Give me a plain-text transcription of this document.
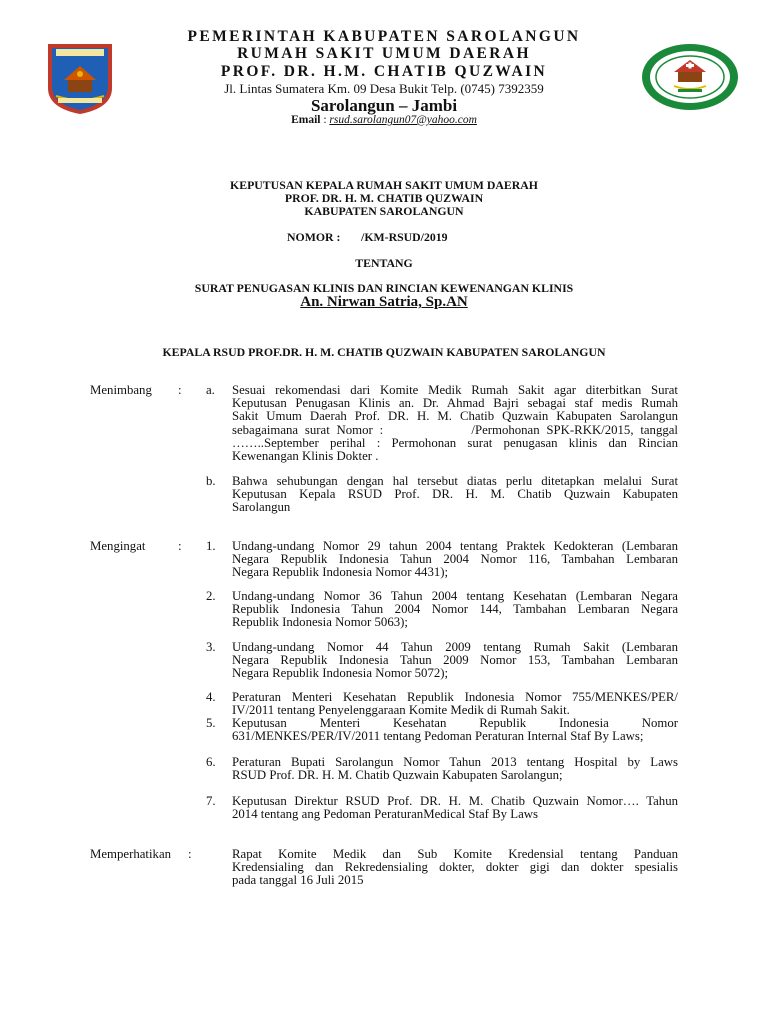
PEMERINTAH KABUPATEN SAROLANGUN
RUMAH SAKIT UMUM DAERAH
PROF. DR. H.M. CHATIB QUZWAIN
Jl. Lintas Sumatera Km. 09 Desa Bukit Telp. (0745) 7392359
Sarolangun – Jambi
Email : rsud.sarolangun07@yahoo.com
KEPUTUSAN KEPALA RUMAH SAKIT UMUM DAERAH
PROF. DR. H. M. CHATIB QUZWAIN
KABUPATEN SAROLANGUN
NOMOR :       /KM-RSUD/2019
TENTANG
SURAT PENUGASAN KLINIS DAN RINCIAN KEWENANGAN KLINIS
An. Nirwan Satria, Sp.AN
KEPALA RSUD PROF.DR. H. M. CHATIB QUZWAIN KABUPATEN SAROLANGUN
Menimbang : a. Sesuai rekomendasi dari Komite Medik Rumah Sakit agar diterbitkan Surat
Keputusan Penugasan Klinis an. Dr. Ahmad Bajri sebagai staf medis Rumah
Sakit Umum Daerah Prof. DR. H. M. Chatib Quzwain Kabupaten Sarolangun
sebagaimana surat Nomor :             /Permohonan SPK-RKK/2015, tanggal
……..September perihal : Permohonan surat penugasan klinis dan Rincian
Kewenangan Klinis Dokter .
b. Bahwa sehubungan dengan hal tersebut diatas perlu ditetapkan melalui Surat
Keputusan Kepala RSUD Prof. DR. H. M. Chatib Quzwain Kabupaten
Sarolangun
Mengingat	: 1. Undang-undang Nomor 29 tahun 2004 tentang Praktek Kedokteran (Lembaran
Negara Republik Indonesia Tahun 2004 Nomor 116, Tambahan Lembaran
Negara Republik Indonesia Nomor 4431);
2. Undang-undang Nomor 36 Tahun 2004 tentang Kesehatan (Lembaran Negara
Republik Indonesia Tahun 2004 Nomor 144, Tambahan Lembaran Negara
Republik Indonesia Nomor 5063);
3. Undang-undang Nomor 44 Tahun 2009 tentang Rumah Sakit (Lembaran
Negara Republik Indonesia Tahun 2009 Nomor 153, Tambahan Lembaran
Negara Republik Indonesia Nomor 5072);
4. Peraturan Menteri Kesehatan Republik Indonesia Nomor 755/MENKES/PER/
IV/2011 tentang Penyelenggaraan Komite Medik di Rumah Sakit.
5. Keputusan Menteri Kesehatan Republik Indonesia Nomor
631/MENKES/PER/IV/2011 tentang Pedoman Peraturan Internal Staf By Laws;
6. Peraturan Bupati Sarolangun Nomor Tahun 2013 tentang Hospital by Laws
RSUD Prof. DR. H. M. Chatib Quzwain Kabupaten Sarolangun;
7. Keputusan Direktur RSUD Prof. DR. H. M. Chatib Quzwain Nomor…. Tahun
2014 tentang ang Pedoman PeraturanMedical Staf By Laws
Memperhatikan :	Rapat Komite Medik dan Sub Komite Kredensial tentang Panduan
Kredensialing dan Rekredensialing dokter, dokter gigi dan dokter spesialis
pada tanggal 16 Juli 2015
